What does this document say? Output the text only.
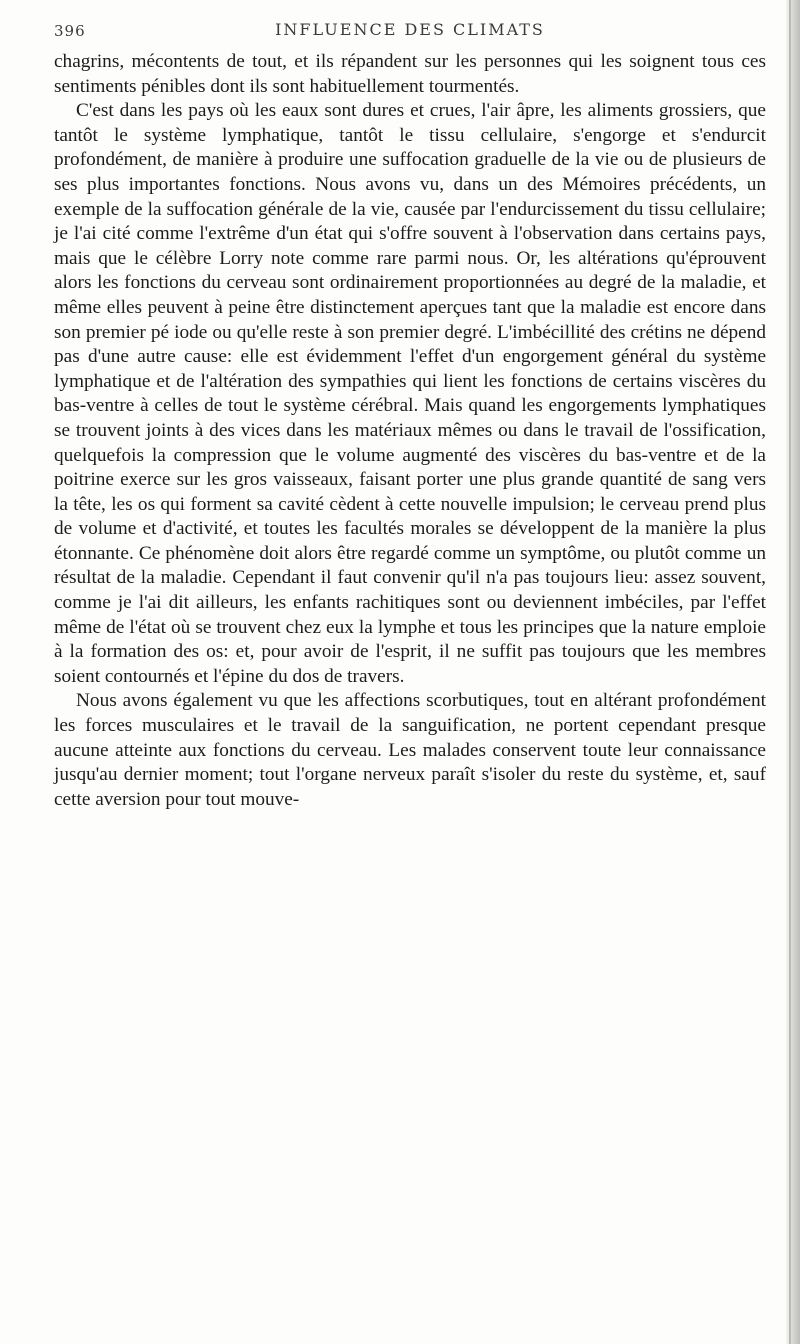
396	INFLUENCE DES CLIMATS

chagrins, mécontents de tout, et ils répandent sur les personnes qui les soignent tous ces sentiments pénibles dont ils sont habituellement tourmentés.

C'est dans les pays où les eaux sont dures et crues, l'air âpre, les aliments grossiers, que tantôt le système lymphatique, tantôt le tissu cellulaire, s'engorge et s'endurcit profondément, de manière à produire une suffocation graduelle de la vie ou de plusieurs de ses plus importantes fonctions. Nous avons vu, dans un des Mémoires précédents, un exemple de la suffocation générale de la vie, causée par l'endurcissement du tissu cellulaire; je l'ai cité comme l'extrême d'un état qui s'offre souvent à l'observation dans certains pays, mais que le célèbre Lorry note comme rare parmi nous. Or, les altérations qu'éprouvent alors les fonctions du cerveau sont ordinairement proportionnées au degré de la maladie, et même elles peuvent à peine être distinctement aperçues tant que la maladie est encore dans son premier pé iode ou qu'elle reste à son premier degré. L'imbécillité des crétins ne dépend pas d'une autre cause: elle est évidemment l'effet d'un engorgement général du système lymphatique et de l'altération des sympathies qui lient les fonctions de certains viscères du bas-ventre à celles de tout le système cérébral. Mais quand les engorgements lymphatiques se trouvent joints à des vices dans les matériaux mêmes ou dans le travail de l'ossification, quelquefois la compression que le volume augmenté des viscères du bas-ventre et de la poitrine exerce sur les gros vaisseaux, faisant porter une plus grande quantité de sang vers la tête, les os qui forment sa cavité cèdent à cette nouvelle impulsion; le cerveau prend plus de volume et d'activité, et toutes les facultés morales se développent de la manière la plus étonnante. Ce phénomène doit alors être regardé comme un symptôme, ou plutôt comme un résultat de la maladie. Cependant il faut convenir qu'il n'a pas toujours lieu: assez souvent, comme je l'ai dit ailleurs, les enfants rachitiques sont ou deviennent imbéciles, par l'effet même de l'état où se trouvent chez eux la lymphe et tous les principes que la nature emploie à la formation des os: et, pour avoir de l'esprit, il ne suffit pas toujours que les membres soient contournés et l'épine du dos de travers.

Nous avons également vu que les affections scorbutiques, tout en altérant profondément les forces musculaires et le travail de la sanguification, ne portent cependant presque aucune atteinte aux fonctions du cerveau. Les malades conservent toute leur connaissance jusqu'au dernier moment; tout l'organe nerveux paraît s'isoler du reste du système, et, sauf cette aversion pour tout mouve-
